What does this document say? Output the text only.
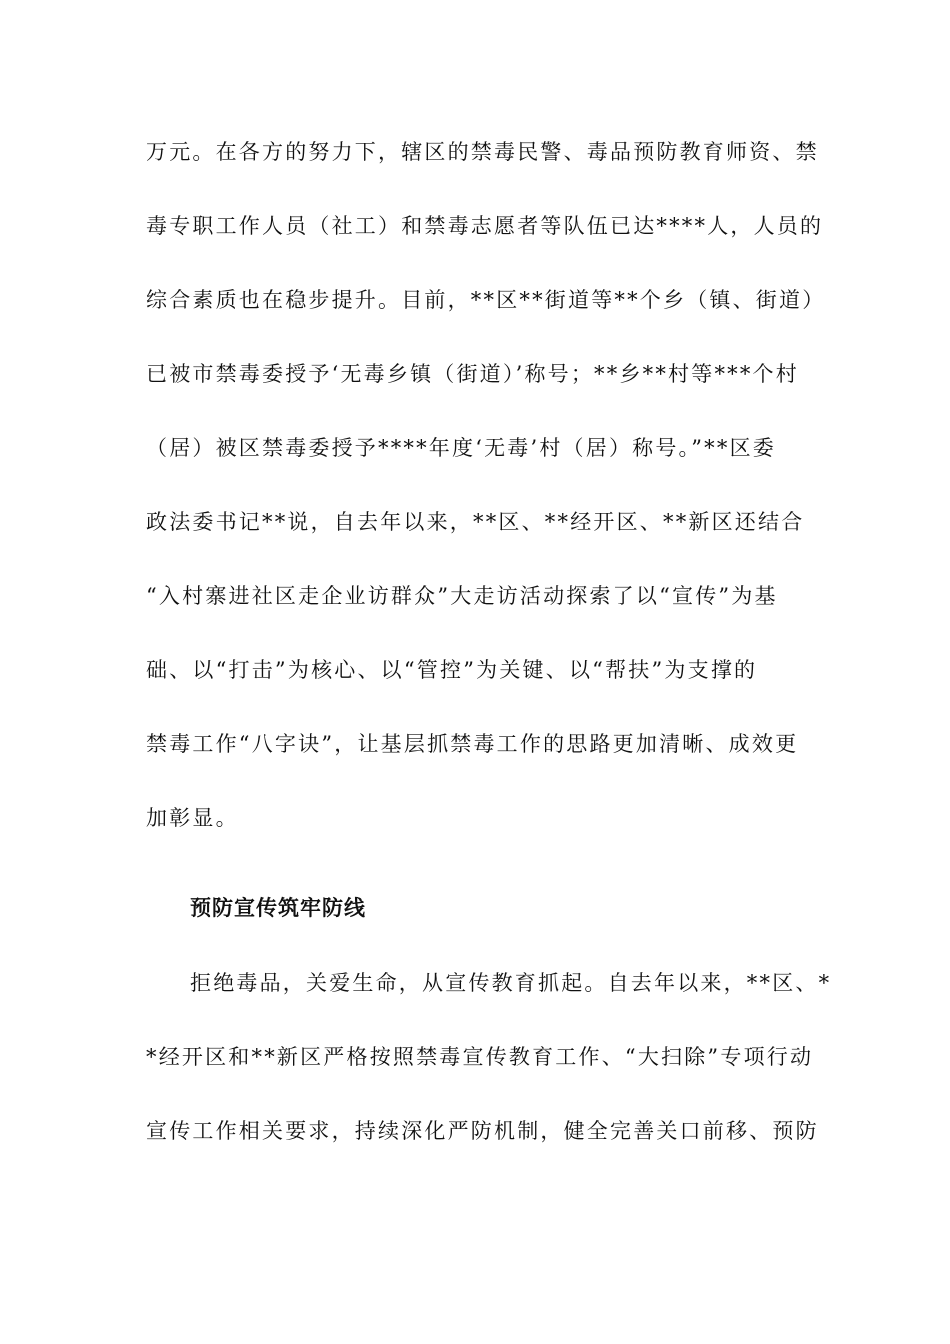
万元。在各方的努力下，辖区的禁毒民警、毒品预防教育师资、禁
毒专职工作人员（社工）和禁毒志愿者等队伍已达****人，人员的
综合素质也在稳步提升。目前，**区**街道等**个乡（镇、街道）
已被市禁毒委授予‘无毒乡镇（街道）’称号；**乡**村等***个村
（居）被区禁毒委授予****年度‘无毒’村（居）称号。”**区委
政法委书记**说，自去年以来，**区、**经开区、**新区还结合
“入村寨进社区走企业访群众”大走访活动探索了以“宣传”为基
础、以“打击”为核心、以“管控”为关键、以“帮扶”为支撑的
禁毒工作“八字诀”，让基层抓禁毒工作的思路更加清晰、成效更
加彰显。
预防宣传筑牢防线
拒绝毒品，关爱生命，从宣传教育抓起。自去年以来，**区、*
*经开区和**新区严格按照禁毒宣传教育工作、“大扫除”专项行动
宣传工作相关要求，持续深化严防机制，健全完善关口前移、预防
